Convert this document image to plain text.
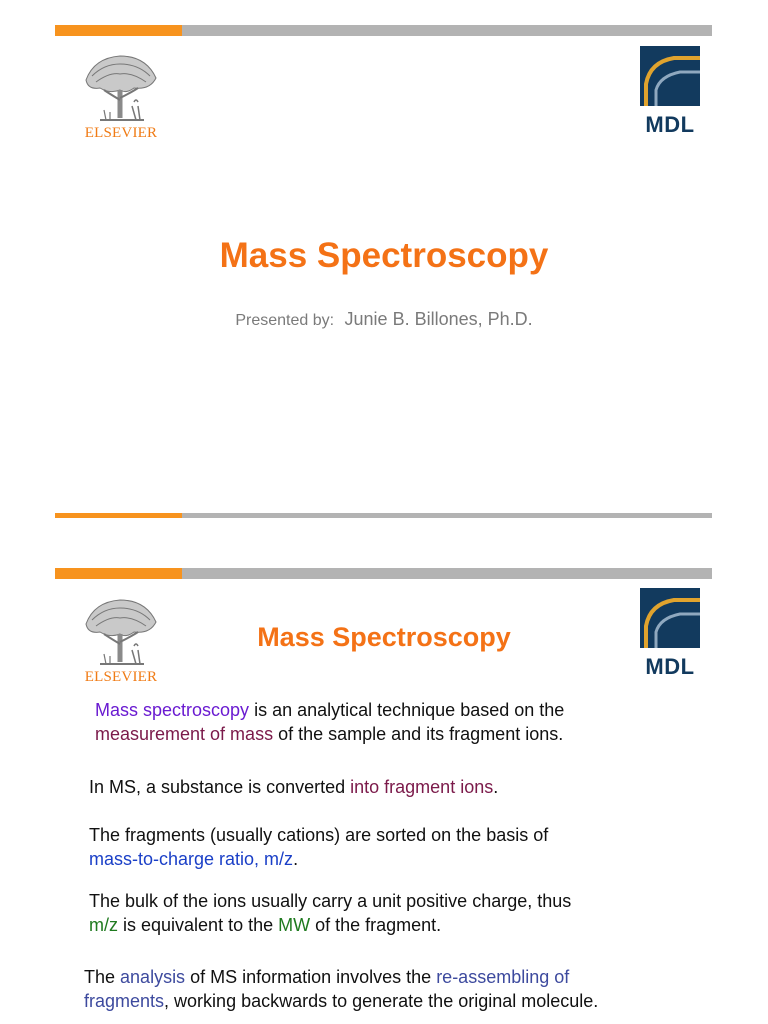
ELSEVIER	MDL
Mass Spectroscopy
Presented by: Junie B. Billones, Ph.D.
ELSEVIER	MDL
Mass Spectroscopy
Mass spectroscopy is an analytical technique based on the
measurement of mass of the sample and its fragment ions.
In MS, a substance is converted into fragment ions.
The fragments (usually cations) are sorted on the basis of
mass-to-charge ratio, m/z.
The bulk of the ions usually carry a unit positive charge, thus
m/z is equivalent to the MW of the fragment.
The analysis of MS information involves the re-assembling of
fragments, working backwards to generate the original molecule.
